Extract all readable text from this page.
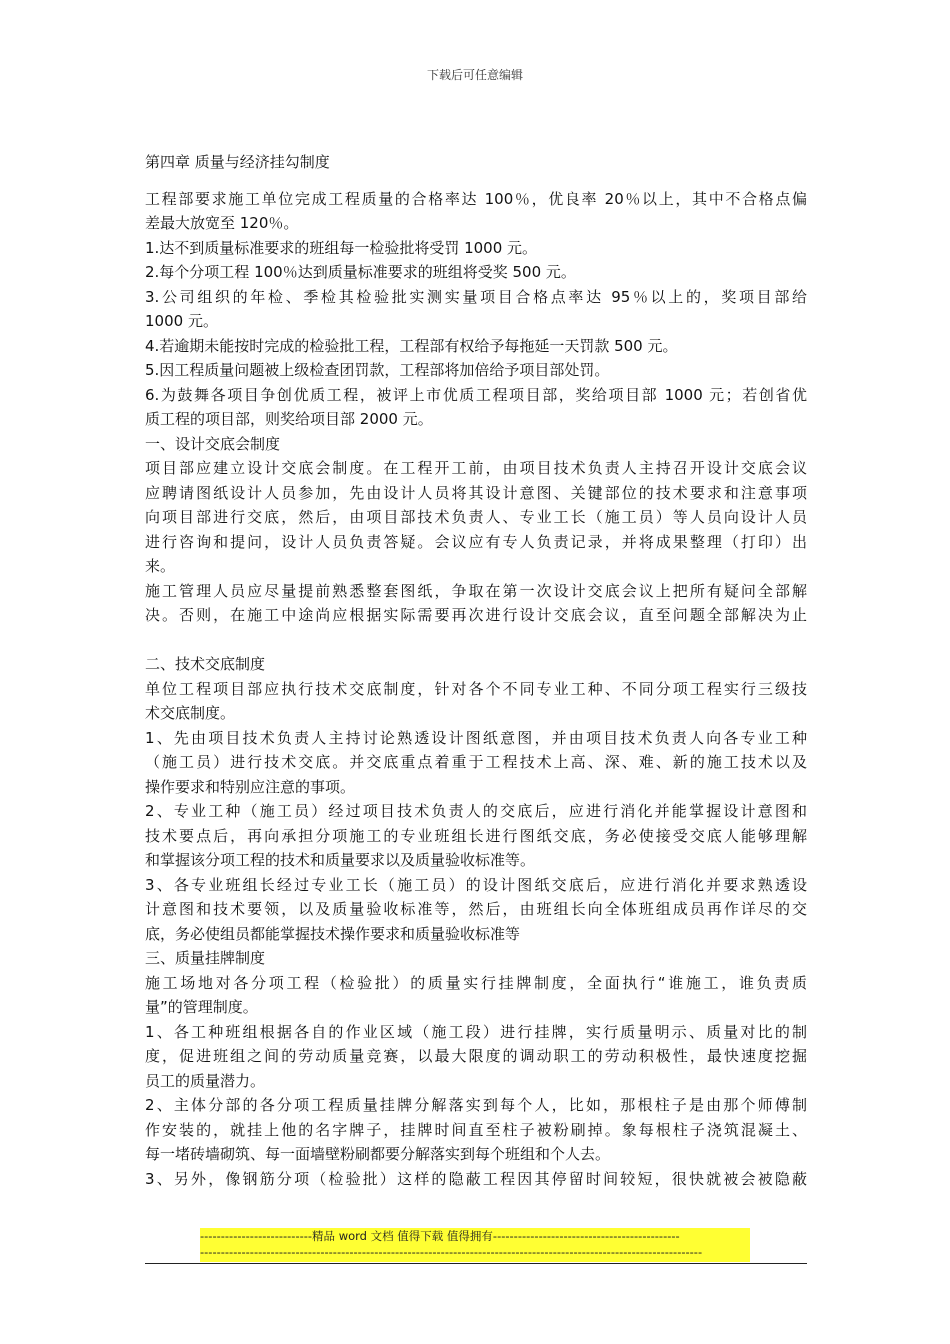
下载后可任意编辑
第四章 质量与经济挂勾制度
工程部要求施工单位完成工程质量的合格率达 100％，优良率 20％以上，其中不合格点偏
差最大放宽至 120％。
1.达不到质量标准要求的班组每一检验批将受罚 1000 元。
2.每个分项工程 100％达到质量标准要求的班组将受奖 500 元。
3.公司组织的年检、季检其检验批实测实量项目合格点率达 95％以上的，奖项目部给
1000 元。
4.若逾期未能按时完成的检验批工程，工程部有权给予每拖延一天罚款 500 元。
5.因工程质量问题被上级检查团罚款，工程部将加倍给予项目部处罚。
6.为鼓舞各项目争创优质工程，被评上市优质工程项目部，奖给项目部 1000 元；若创省优
质工程的项目部，则奖给项目部 2000 元。
一、设计交底会制度
项目部应建立设计交底会制度。在工程开工前，由项目技术负责人主持召开设计交底会议
应聘请图纸设计人员参加，先由设计人员将其设计意图、关键部位的技术要求和注意事项
向项目部进行交底，然后，由项目部技术负责人、专业工长（施工员）等人员向设计人员
进行咨询和提问，设计人员负责答疑。会议应有专人负责记录，并将成果整理（打印）出
来。
施工管理人员应尽量提前熟悉整套图纸，争取在第一次设计交底会议上把所有疑问全部解
决。否则，在施工中途尚应根据实际需要再次进行设计交底会议，直至问题全部解决为止
二、技术交底制度
单位工程项目部应执行技术交底制度，针对各个不同专业工种、不同分项工程实行三级技
术交底制度。
1、先由项目技术负责人主持讨论熟透设计图纸意图，并由项目技术负责人向各专业工种
（施工员）进行技术交底。并交底重点着重于工程技术上高、深、难、新的施工技术以及
操作要求和特别应注意的事项。
2、专业工种（施工员）经过项目技术负责人的交底后，应进行消化并能掌握设计意图和
技术要点后，再向承担分项施工的专业班组长进行图纸交底，务必使接受交底人能够理解
和掌握该分项工程的技术和质量要求以及质量验收标准等。
3、各专业班组长经过专业工长（施工员）的设计图纸交底后，应进行消化并要求熟透设
计意图和技术要领，以及质量验收标准等，然后，由班组长向全体班组成员再作详尽的交
底，务必使组员都能掌握技术操作要求和质量验收标准等
三、质量挂牌制度
施工场地对各分项工程（检验批）的质量实行挂牌制度，全面执行“谁施工，谁负责质
量”的管理制度。
1、各工种班组根据各自的作业区域（施工段）进行挂牌，实行质量明示、质量对比的制
度，促进班组之间的劳动质量竞赛，以最大限度的调动职工的劳动积极性，最快速度挖掘
员工的质量潜力。
2、主体分部的各分项工程质量挂牌分解落实到每个人，比如，那根柱子是由那个师傅制
作安装的，就挂上他的名字牌子，挂牌时间直至柱子被粉刷掉。象每根柱子浇筑混凝土、
每一堵砖墙砌筑、每一面墙壁粉刷都要分解落实到每个班组和个人去。
3、另外，像钢筋分项（检验批）这样的隐蔽工程因其停留时间较短，很快就被会被隐蔽
---------------------------精品 word 文档 值得下载 值得拥有---------------------------------------------
-------------------------------------------------------------------------------------------------------------------------
